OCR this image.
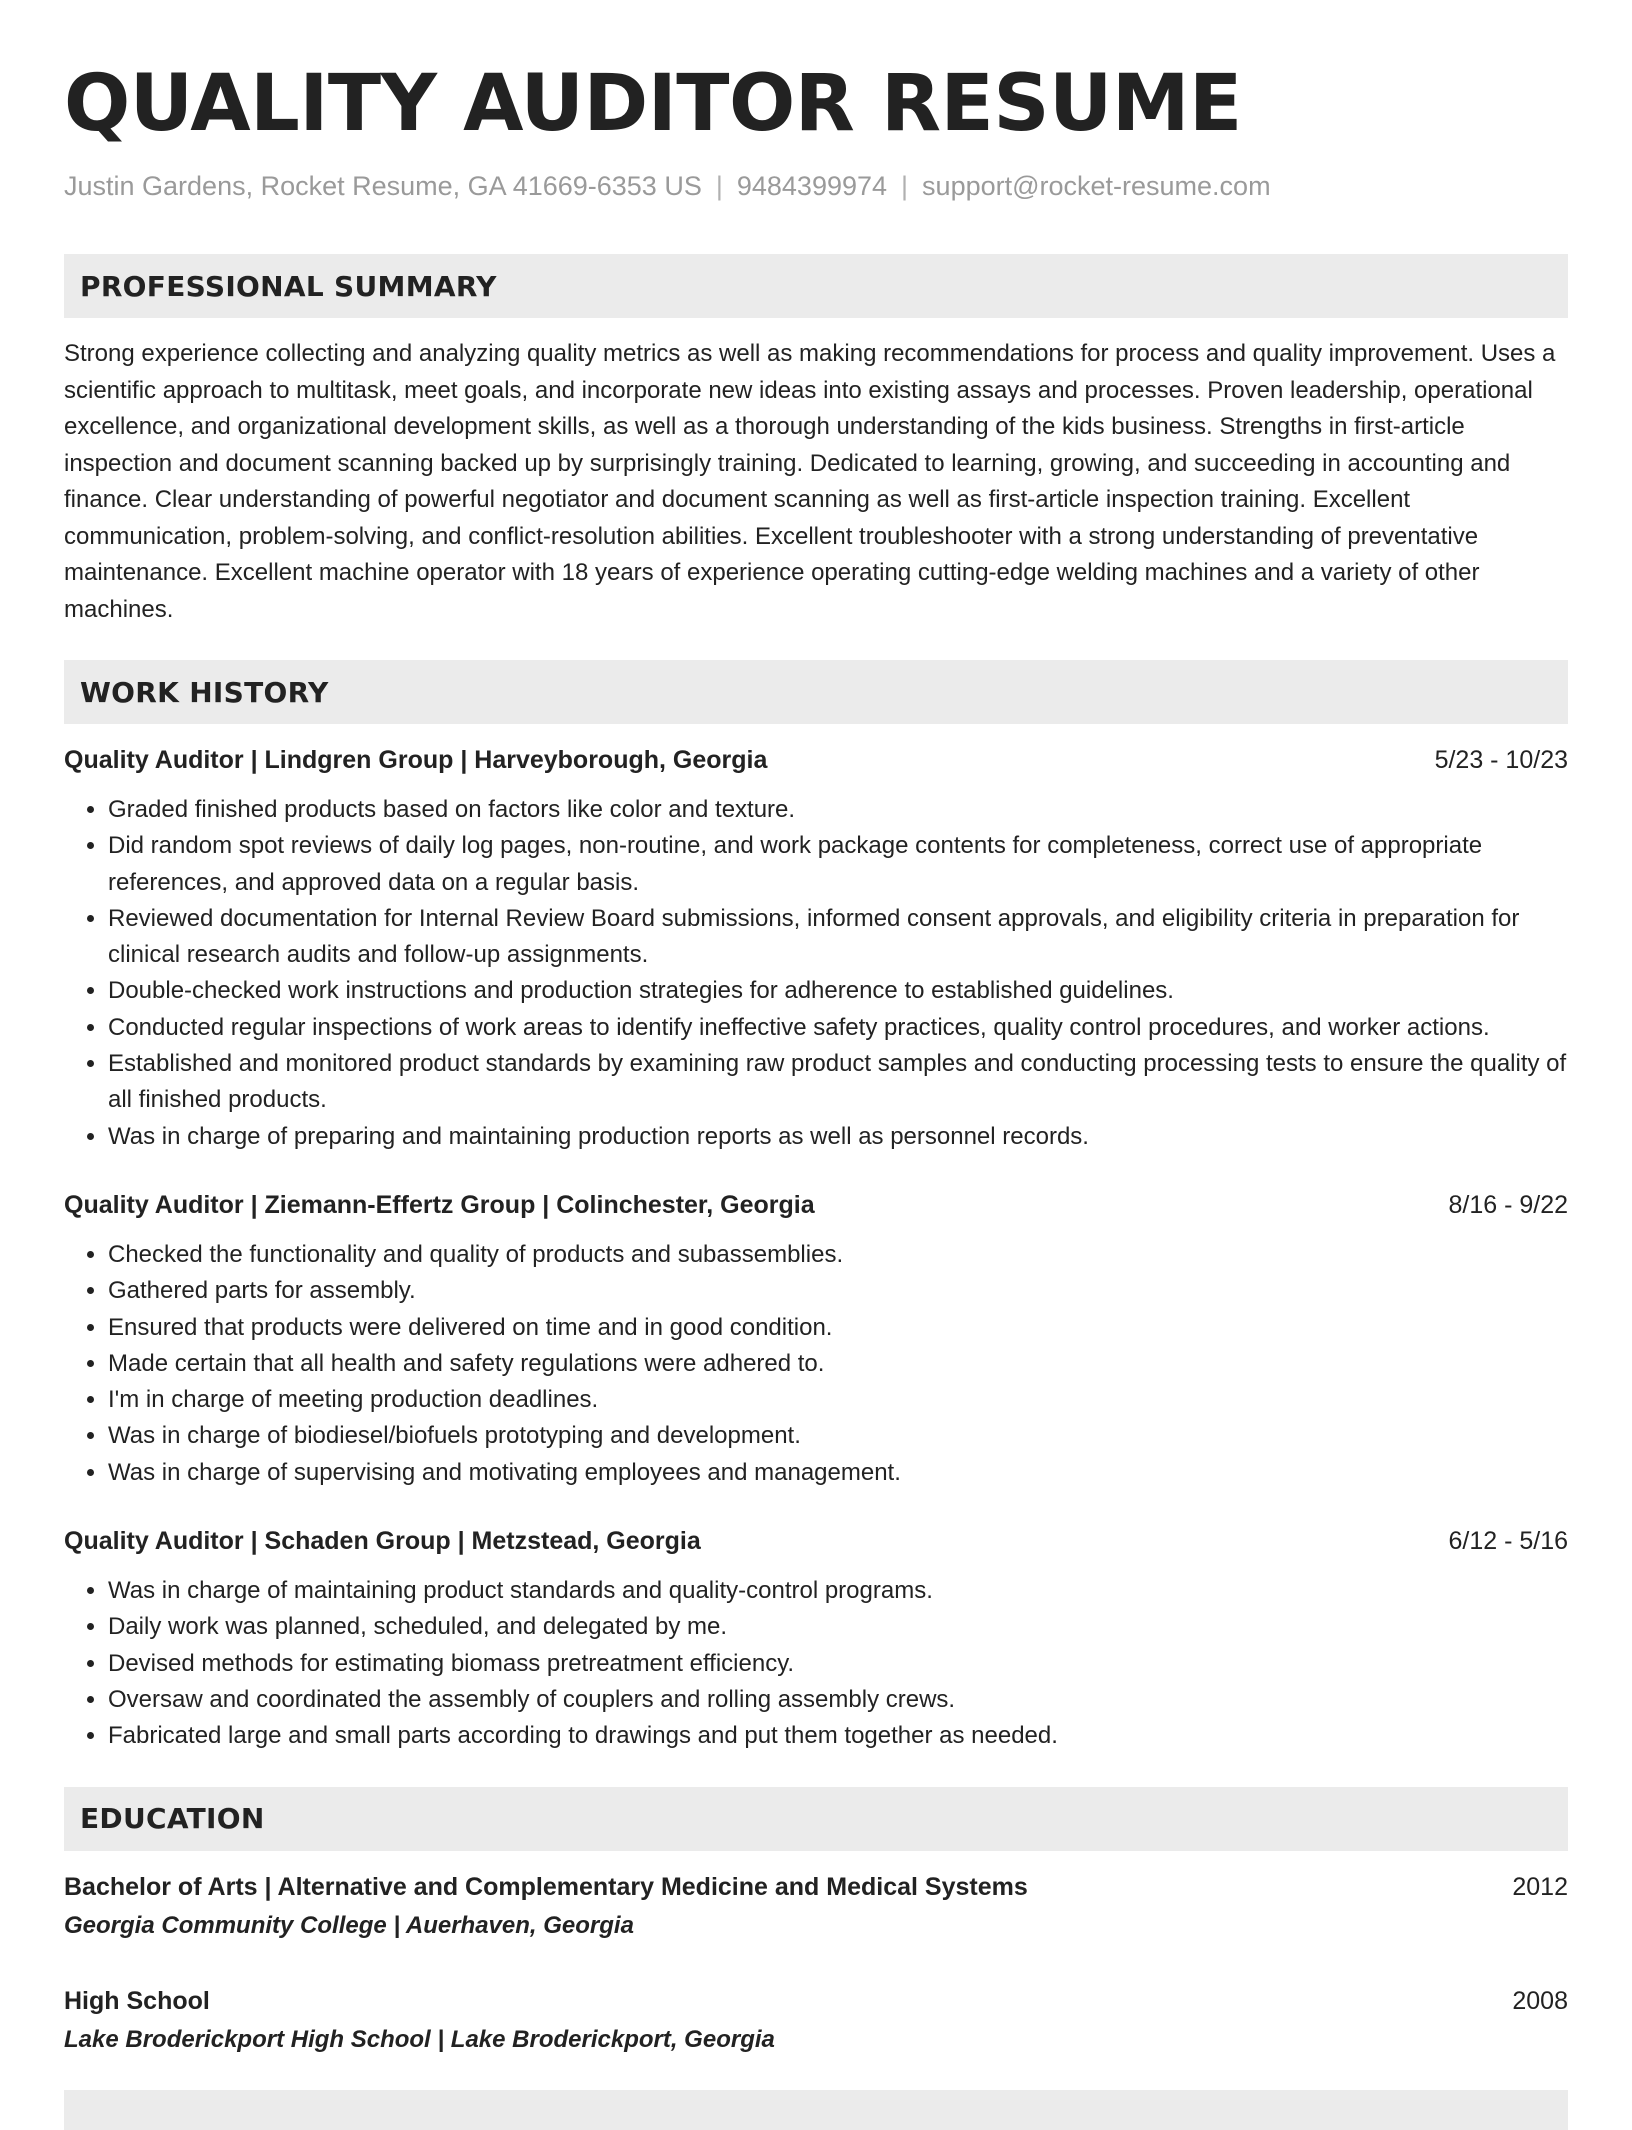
QUALITY AUDITOR RESUME
Justin Gardens, Rocket Resume, GA 41669-6353 US | 9484399974 | support@rocket-resume.com
PROFESSIONAL SUMMARY

Strong experience collecting and analyzing quality metrics as well as making recommendations for process and quality improvement. Uses a scientific approach to multitask, meet goals, and incorporate new ideas into existing assays and processes. Proven leadership, operational excellence, and organizational development skills, as well as a thorough understanding of the kids business. Strengths in first-article inspection and document scanning backed up by surprisingly training. Dedicated to learning, growing, and succeeding in accounting and finance. Clear understanding of powerful negotiator and document scanning as well as first-article inspection training. Excellent communication, problem-solving, and conflict-resolution abilities. Excellent troubleshooter with a strong understanding of preventative maintenance. Excellent machine operator with 18 years of experience operating cutting-edge welding machines and a variety of other machines.

WORK HISTORY
Quality Auditor | Lindgren Group | Harveyborough, Georgia	5/23 - 10/23
• Graded finished products based on factors like color and texture.
• Did random spot reviews of daily log pages, non-routine, and work package contents for completeness, correct use of appropriate references, and approved data on a regular basis.
• Reviewed documentation for Internal Review Board submissions, informed consent approvals, and eligibility criteria in preparation for clinical research audits and follow-up assignments.
• Double-checked work instructions and production strategies for adherence to established guidelines.
• Conducted regular inspections of work areas to identify ineffective safety practices, quality control procedures, and worker actions.
• Established and monitored product standards by examining raw product samples and conducting processing tests to ensure the quality of all finished products.
• Was in charge of preparing and maintaining production reports as well as personnel records.
Quality Auditor | Ziemann-Effertz Group | Colinchester, Georgia	8/16 - 9/22
• Checked the functionality and quality of products and subassemblies.
• Gathered parts for assembly.
• Ensured that products were delivered on time and in good condition.
• Made certain that all health and safety regulations were adhered to.
• I'm in charge of meeting production deadlines.
• Was in charge of biodiesel/biofuels prototyping and development.
• Was in charge of supervising and motivating employees and management.
Quality Auditor | Schaden Group | Metzstead, Georgia	6/12 - 5/16
• Was in charge of maintaining product standards and quality-control programs.
• Daily work was planned, scheduled, and delegated by me.
• Devised methods for estimating biomass pretreatment efficiency.
• Oversaw and coordinated the assembly of couplers and rolling assembly crews.
• Fabricated large and small parts according to drawings and put them together as needed.
EDUCATION
Bachelor of Arts | Alternative and Complementary Medicine and Medical Systems	2012
Georgia Community College | Auerhaven, Georgia
High School	2008
Lake Broderickport High School | Lake Broderickport, Georgia
